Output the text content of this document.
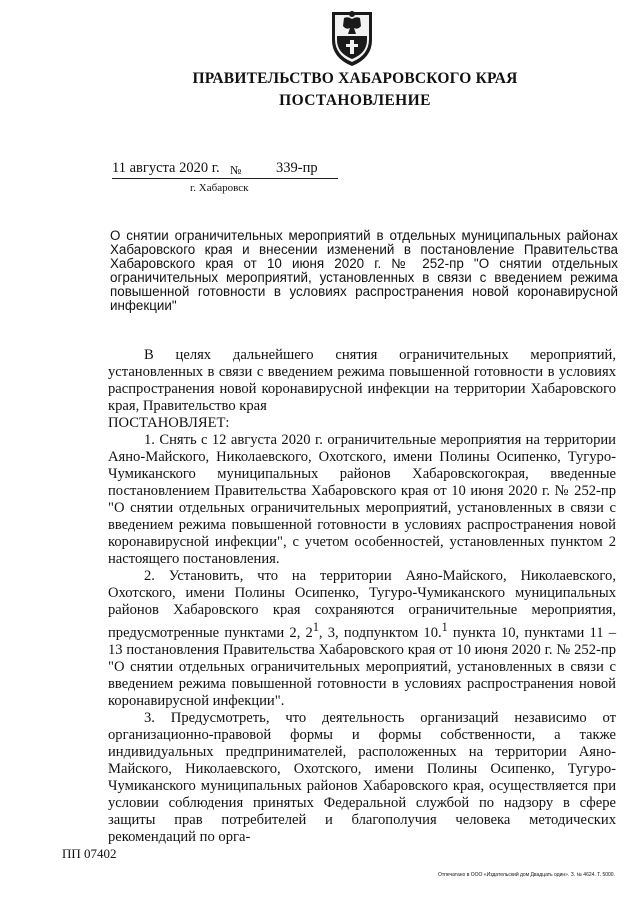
ПРАВИТЕЛЬСТВО ХАБАРОВСКОГО КРАЯ
ПОСТАНОВЛЕНИЕ
11 августа 2020 г. № 339-пр
г. Хабаровск

О снятии ограничительных мероприятий в отдельных муниципальных районах Хабаровского края и внесении изменений в постановление Правительства Хабаровского края от 10 июня 2020 г. № 252-пр "О снятии отдельных ограничительных мероприятий, установленных в связи с введением режима повышенной готовности в условиях распространения новой коронавирусной инфекции"

В целях дальнейшего снятия ограничительных мероприятий, установленных в связи с введением режима повышенной готовности в условиях распространения новой коронавирусной инфекции на территории Хабаровского края, Правительство края

ПОСТАНОВЛЯЕТ:

1. Снять с 12 августа 2020 г. ограничительные мероприятия на территории Аяно-Майского, Николаевского, Охотского, имени Полины Осипенко, Тугуро-Чумиканского муниципальных районов Хабаровскогокрая, введенные постановлением Правительства Хабаровского края от 10 июня 2020 г. № 252-пр "О снятии отдельных ограничительных мероприятий, установленных в связи с введением режима повышенной готовности в условиях распространения новой коронавирусной инфекции", с учетом особенностей, установленных пунктом 2 настоящего постановления.

2. Установить, что на территории Аяно-Майского, Николаевского, Охотского, имени Полины Осипенко, Тугуро-Чумиканского муниципальных районов Хабаровского края сохраняются ограничительные мероприятия, предусмотренные пунктами 2, $2^1$, 3, подпунктом 10.$^1$ пункта 10, пунктами 11 – 13 постановления Правительства Хабаровского края от 10 июня 2020 г. № 252-пр "О снятии отдельных ограничительных мероприятий, установленных в связи с введением режима повышенной готовности в условиях распространения новой коронавирусной инфекции".

3. Предусмотреть, что деятельность организаций независимо от организационно-правовой формы и формы собственности, а также индивидуальных предпринимателей, расположенных на территории Аяно-Майского, Николаевского, Охотского, имени Полины Осипенко, Тугуро-Чумиканского муниципальных районов Хабаровского края, осуществляется при условии соблюдения принятых Федеральной службой по надзору в сфере защиты прав потребителей и благополучия человека методических рекомендаций по орга-

ПП 07402
Отпечатано в ООО «Издательский дом Двадцать один». З. № 4624. Т. 5000.
